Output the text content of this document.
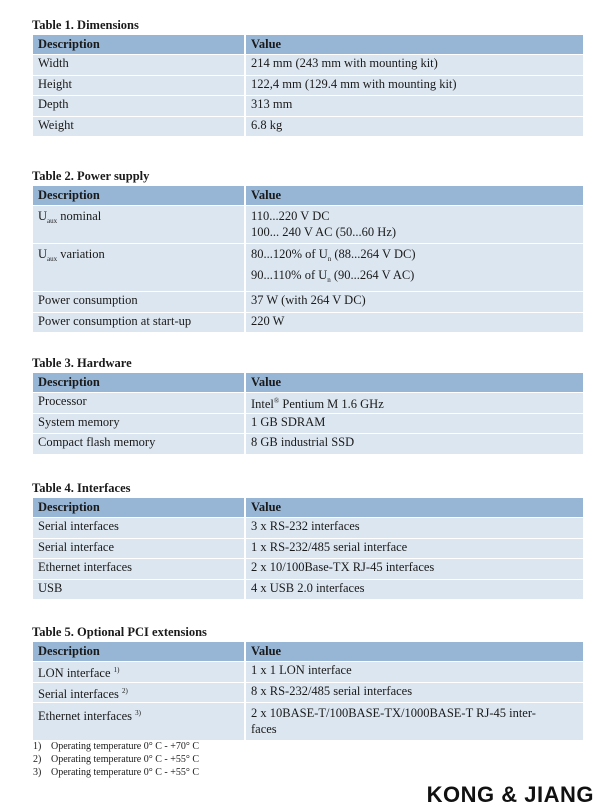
Table 1. Dimensions
Description	Value
Width	214 mm (243 mm with mounting kit)
Height	122,4 mm (129.4 mm with mounting kit)
Depth	313 mm
Weight	6.8 kg
Table 2. Power supply
Description	Value
$U_{aux}$ nominal	110...220 V DC
100... 240 V AC (50...60 Hz)

$U_{aux}$ variation	80...120% of $U_n$ (88...264 V DC)
90...110% of $U_n$ (90...264 V AC)

Power consumption	37 W (with 264 V DC)
Power consumption at start-up	220 W
Table 3. Hardware
Description	Value
Processor	Intel® Pentium M 1.6 GHz
System memory	1 GB SDRAM
Compact flash memory	8 GB industrial SSD
Table 4. Interfaces
Description	Value
Serial interfaces	3 x RS-232 interfaces
Serial interface	1 x RS-232/485 serial interface
Ethernet interfaces	2 x 10/100Base-TX RJ-45 interfaces
USB	4 x USB 2.0 interfaces
Table 5. Optional PCI extensions
Description	Value
LON interface $^{1)}$	1 x 1 LON interface
Serial interfaces $^{2)}$	8 x RS-232/485 serial interfaces
Ethernet interfaces $^{3)}$	2 x 10BASE-T/100BASE-TX/1000BASE-T RJ-45 inter-
faces
1) Operating temperature 0° C - +70° C
2) Operating temperature 0° C - +55° C
3) Operating temperature 0° C - +55° C
KONG & JIANG
